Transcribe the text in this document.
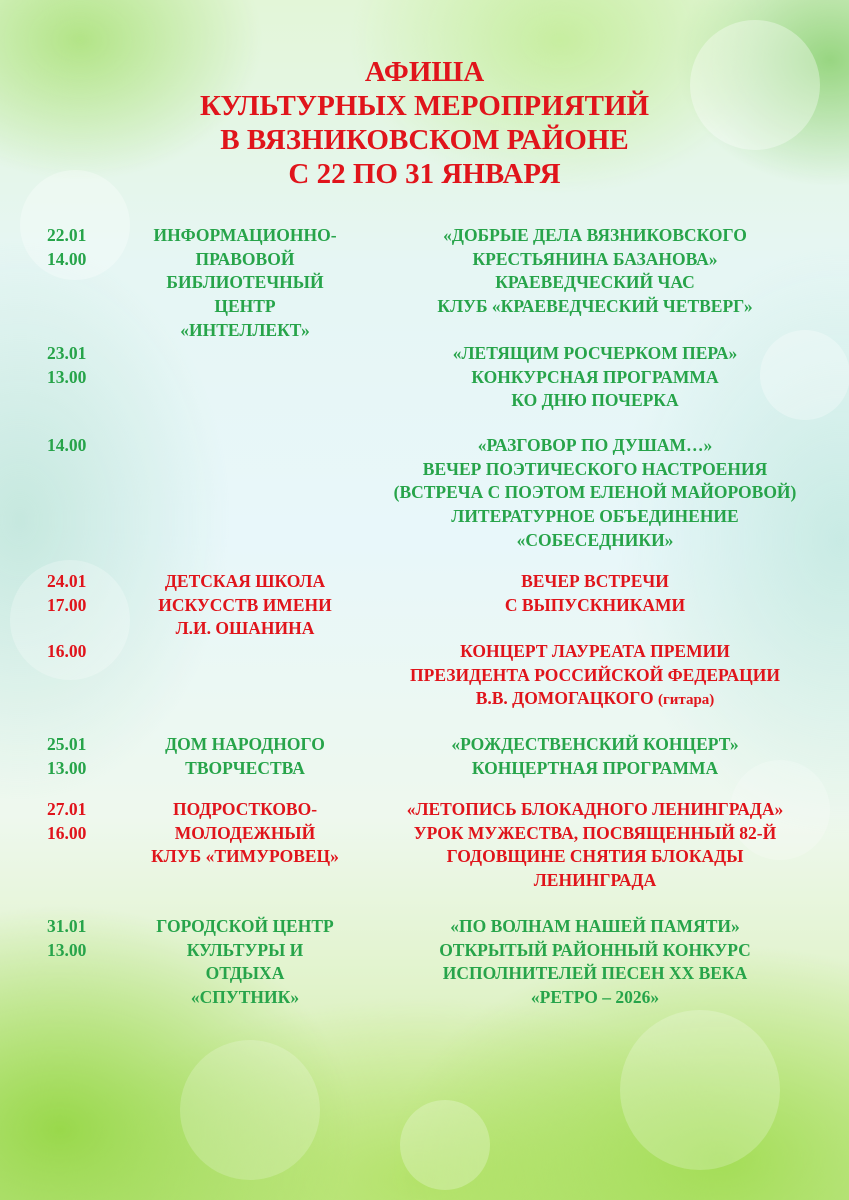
АФИША
КУЛЬТУРНЫХ МЕРОПРИЯТИЙ
В ВЯЗНИКОВСКОМ РАЙОНЕ
С 22 ПО 31 ЯНВАРЯ
22.01
14.00
ИНФОРМАЦИОННО-
ПРАВОВОЙ
БИБЛИОТЕЧНЫЙ
ЦЕНТР
«ИНТЕЛЛЕКТ»
«ДОБРЫЕ ДЕЛА ВЯЗНИКОВСКОГО
КРЕСТЬЯНИНА БАЗАНОВА»
КРАЕВЕДЧЕСКИЙ ЧАС
КЛУБ «КРАЕВЕДЧЕСКИЙ ЧЕТВЕРГ»
23.01
13.00
«ЛЕТЯЩИМ РОСЧЕРКОМ ПЕРА»
КОНКУРСНАЯ ПРОГРАММА
КО ДНЮ ПОЧЕРКА
14.00	«РАЗГОВОР ПО ДУШАМ…»
ВЕЧЕР ПОЭТИЧЕСКОГО НАСТРОЕНИЯ
(ВСТРЕЧА С ПОЭТОМ ЕЛЕНОЙ МАЙОРОВОЙ)
ЛИТЕРАТУРНОЕ ОБЪЕДИНЕНИЕ
«СОБЕСЕДНИКИ»
24.01
17.00
ДЕТСКАЯ ШКОЛА
ИСКУССТВ ИМЕНИ
Л.И. ОШАНИНА
ВЕЧЕР ВСТРЕЧИ
С ВЫПУСКНИКАМИ
16.00	КОНЦЕРТ ЛАУРЕАТА ПРЕМИИ
ПРЕЗИДЕНТА РОССИЙСКОЙ ФЕДЕРАЦИИ
В.В. ДОМОГАЦКОГО (гитара)
25.01
13.00
ДОМ НАРОДНОГО
ТВОРЧЕСТВА
«РОЖДЕСТВЕНСКИЙ КОНЦЕРТ»
КОНЦЕРТНАЯ ПРОГРАММА
27.01
16.00
ПОДРОСТКОВО-
МОЛОДЕЖНЫЙ
КЛУБ «ТИМУРОВЕЦ»
«ЛЕТОПИСЬ БЛОКАДНОГО ЛЕНИНГРАДА»
УРОК МУЖЕСТВА, ПОСВЯЩЕННЫЙ 82-Й
ГОДОВЩИНЕ СНЯТИЯ БЛОКАДЫ
ЛЕНИНГРАДА
31.01
13.00
ГОРОДСКОЙ ЦЕНТР
КУЛЬТУРЫ И
ОТДЫХА
«СПУТНИК»
«ПО ВОЛНАМ НАШЕЙ ПАМЯТИ»
ОТКРЫТЫЙ РАЙОННЫЙ КОНКУРС
ИСПОЛНИТЕЛЕЙ ПЕСЕН XX ВЕКА
«РЕТРО – 2026»
